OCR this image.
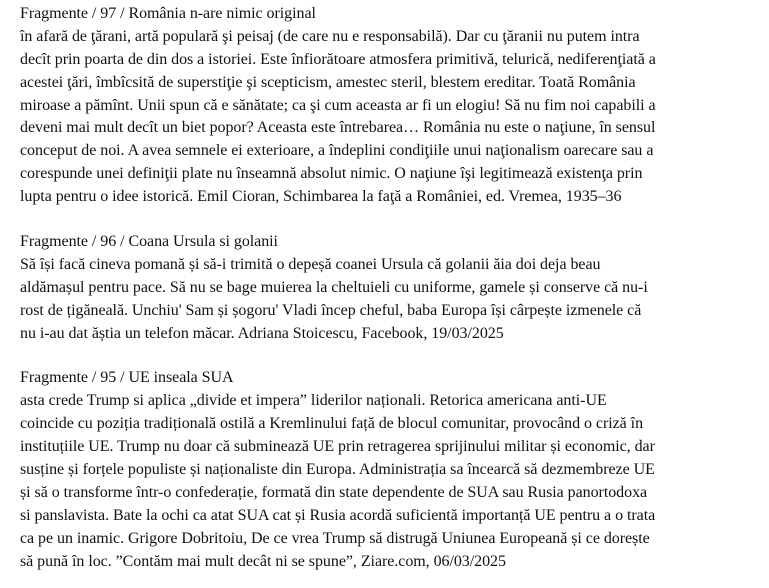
Fragmente / 97 / România n-are nimic original
în afară de ţărani, artă populară şi peisaj (de care nu e responsabilă). Dar cu ţăranii nu putem intra
decît prin poarta de din dos a istoriei. Este înfiorătoare atmosfera primitivă, telurică, nediferenţiată a
acestei ţări, îmbîcsită de superstiţie şi scepticism, amestec steril, blestem ereditar. Toată România
miroase a pămînt. Unii spun că e sănătate; ca şi cum aceasta ar fi un elogiu! Să nu fim noi capabili a
deveni mai mult decît un biet popor? Aceasta este întrebarea… România nu este o naţiune, în sensul
conceput de noi. A avea semnele ei exterioare, a îndeplini condiţiile unui naţionalism oarecare sau a
corespunde unei definiţii plate nu înseamnă absolut nimic. O naţiune îşi legitimează existenţa prin
lupta pentru o idee istorică. Emil Cioran, Schimbarea la faţă a României, ed. Vremea, 1935–36
Fragmente / 96 / Coana Ursula si golanii
Să își facă cineva pomană și să-i trimită o depeșă coanei Ursula că golanii ăia doi deja beau
aldămașul pentru pace. Să nu se bage muierea la cheltuieli cu uniforme, gamele și conserve că nu-i
rost de țigăneală. Unchiu' Sam și șogoru' Vladi încep cheful, baba Europa își cârpește izmenele că
nu i-au dat ăștia un telefon măcar. Adriana Stoicescu, Facebook, 19/03/2025
Fragmente / 95 / UE inseala SUA
asta crede Trump si aplica „divide et impera” liderilor naționali. Retorica americana anti-UE
coincide cu poziția tradițională ostilă a Kremlinului față de blocul comunitar, provocând o criză în
instituțiile UE. Trump nu doar că subminează UE prin retragerea sprijinului militar și economic, dar
susține și forțele populiste și naționaliste din Europa. Administrația sa încearcă să dezmembreze UE
și să o transforme într-o confederație, formată din state dependente de SUA sau Rusia panortodoxa
si panslavista. Bate la ochi ca atat SUA cat și Rusia acordă suficientă importanță UE pentru a o trata
ca pe un inamic. Grigore Dobritoiu, De ce vrea Trump să distrugă Uniunea Europeană și ce dorește
să pună în loc. ”Contăm mai mult decât ni se spune”, Ziare.com, 06/03/2025
